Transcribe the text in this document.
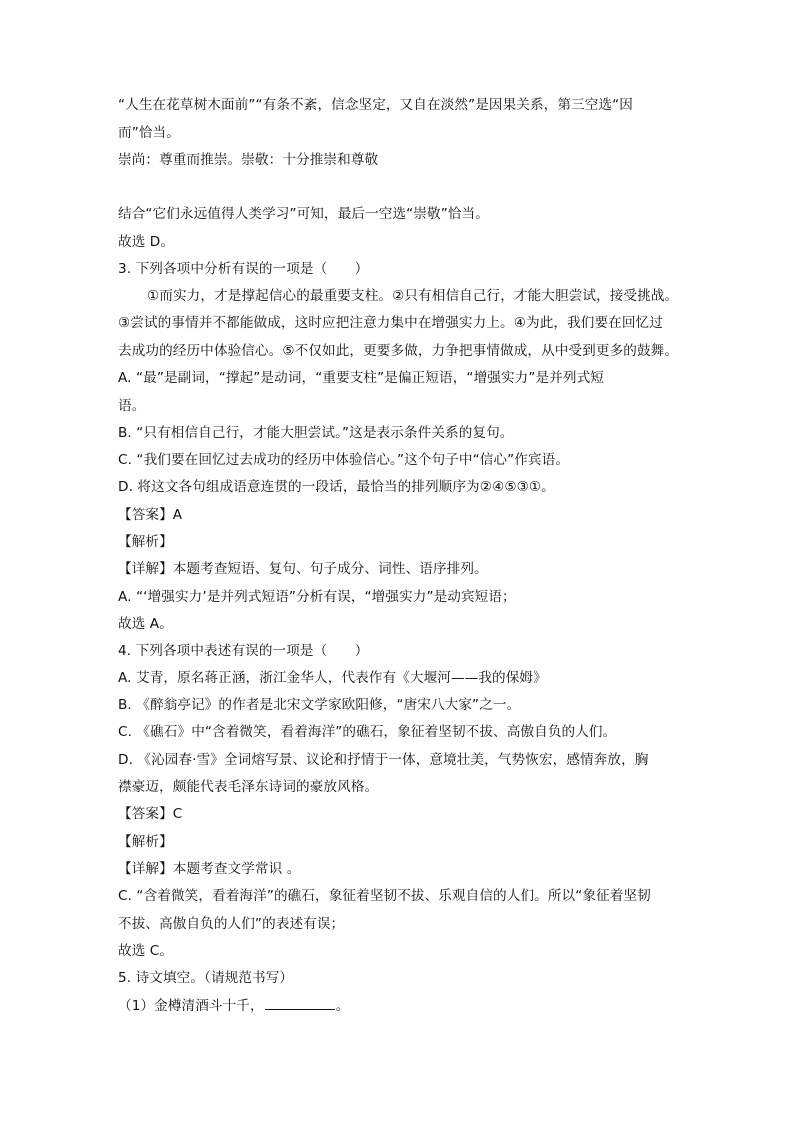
“人生在花草树木面前”“有条不紊，信念坚定，又自在淡然”是因果关系，第三空选“因
而”恰当。
崇尚：尊重而推崇。崇敬：十分推崇和尊敬
结合“它们永远值得人类学习”可知，最后一空选“崇敬”恰当。
故选 D。
3. 下列各项中分析有误的一项是（　　）
①而实力，才是撑起信心的最重要支柱。②只有相信自己行，才能大胆尝试，接受挑战。
③尝试的事情并不都能做成，这时应把注意力集中在增强实力上。④为此，我们要在回忆过
去成功的经历中体验信心。⑤不仅如此，更要多做，力争把事情做成，从中受到更多的鼓舞。
A. “最”是副词，“撑起”是动词，“重要支柱”是偏正短语，“增强实力”是并列式短
语。
B. “只有相信自己行，才能大胆尝试。”这是表示条件关系的复句。
C. “我们要在回忆过去成功的经历中体验信心。”这个句子中“信心”作宾语。
D. 将这文各句组成语意连贯的一段话，最恰当的排列顺序为②④⑤③①。
【答案】A
【解析】
【详解】本题考查短语、复句、句子成分、词性、语序排列。
A. “‘增强实力’是并列式短语”分析有误，“增强实力”是动宾短语；
故选 A。
4. 下列各项中表述有误的一项是（　　）
A. 艾青，原名蒋正涵，浙江金华人，代表作有《大堰河——我的保姆》
B. 《醉翁亭记》的作者是北宋文学家欧阳修，“唐宋八大家”之一。
C. 《礁石》中“含着微笑，看着海洋”的礁石，象征着坚韧不拔、高傲自负的人们。
D. 《沁园春·雪》全词熔写景、议论和抒情于一体，意境壮美，气势恢宏，感情奔放，胸
襟豪迈，颇能代表毛泽东诗词的豪放风格。
【答案】C
【解析】
【详解】本题考查文学常识 。
C. “含着微笑，看着海洋”的礁石，象征着坚韧不拔、乐观自信的人们。所以“象征着坚韧
不拔、高傲自负的人们”的表述有误；
故选 C。
5. 诗文填空。（请规范书写）
（1）金樽清酒斗十千，	。
